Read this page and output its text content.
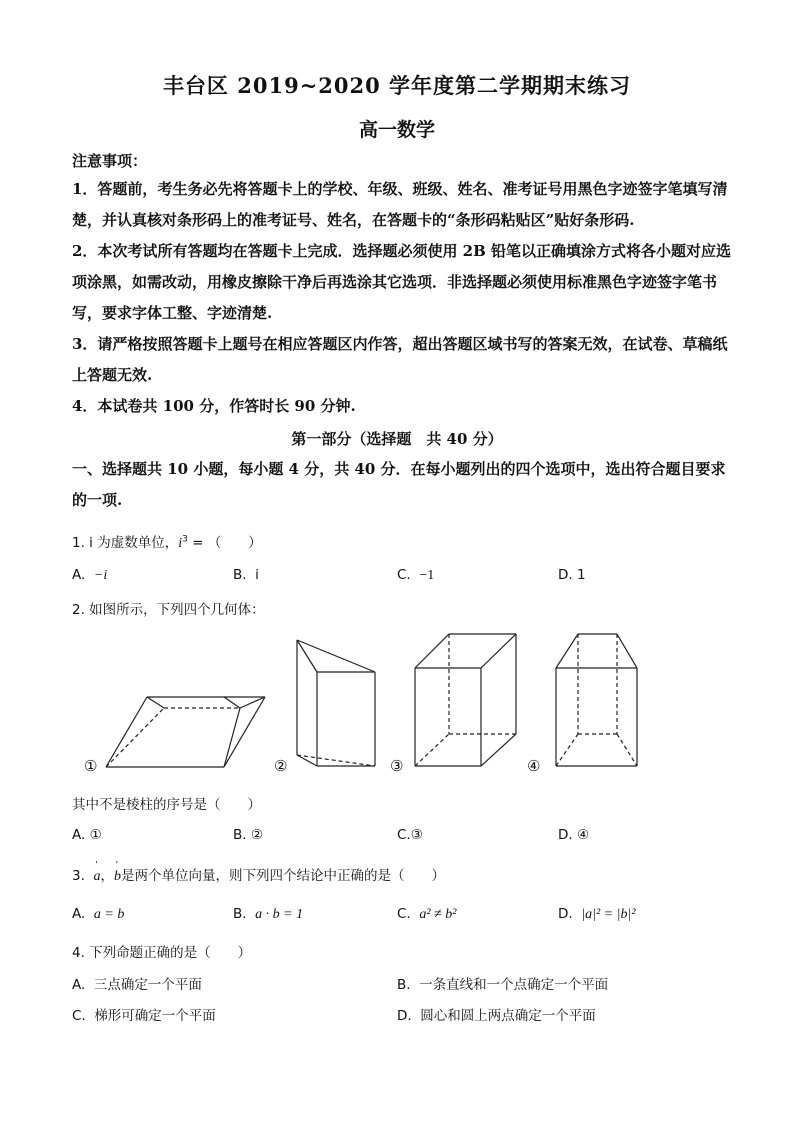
丰台区 2019~2020 学年度第二学期期末练习
高一数学
注意事项：
1．答题前，考生务必先将答题卡上的学校、年级、班级、姓名、准考证号用黑色字迹签字笔填写清楚，并认真核对条形码上的准考证号、姓名，在答题卡的“条形码粘贴区”贴好条形码.
2．本次考试所有答题均在答题卡上完成．选择题必须使用 2B 铅笔以正确填涂方式将各小题对应选项涂黑，如需改动，用橡皮擦除干净后再选涂其它选项．非选择题必须使用标准黑色字迹签字笔书写，要求字体工整、字迹清楚.
3．请严格按照答题卡上题号在相应答题区内作答，超出答题区域书写的答案无效，在试卷、草稿纸上答题无效.
4．本试卷共 100 分，作答时长 90 分钟.
第一部分（选择题　共 40 分）
一、选择题共 10 小题，每小题 4 分，共 40 分．在每小题列出的四个选项中，选出符合题目要求的一项.
1. i 为虚数单位，$i^3$ = （　　）
A. −i	B. i	C. −1	D. 1
2. 如图所示，下列四个几何体：
①	②	③	④
其中不是棱柱的序号是（　　）
A. ①	B. ②	C.③	D. ④
3.  ' a，' b是两个单位向量，则下列四个结论中正确的是（　　）
A. a = b	B. a · b = 1	C. a² ≠ b²	D. |a|² = |b|²
4. 下列命题正确的是（　　）
A. 三点确定一个平面	B. 一条直线和一个点确定一个平面
C. 梯形可确定一个平面	D. 圆心和圆上两点确定一个平面
